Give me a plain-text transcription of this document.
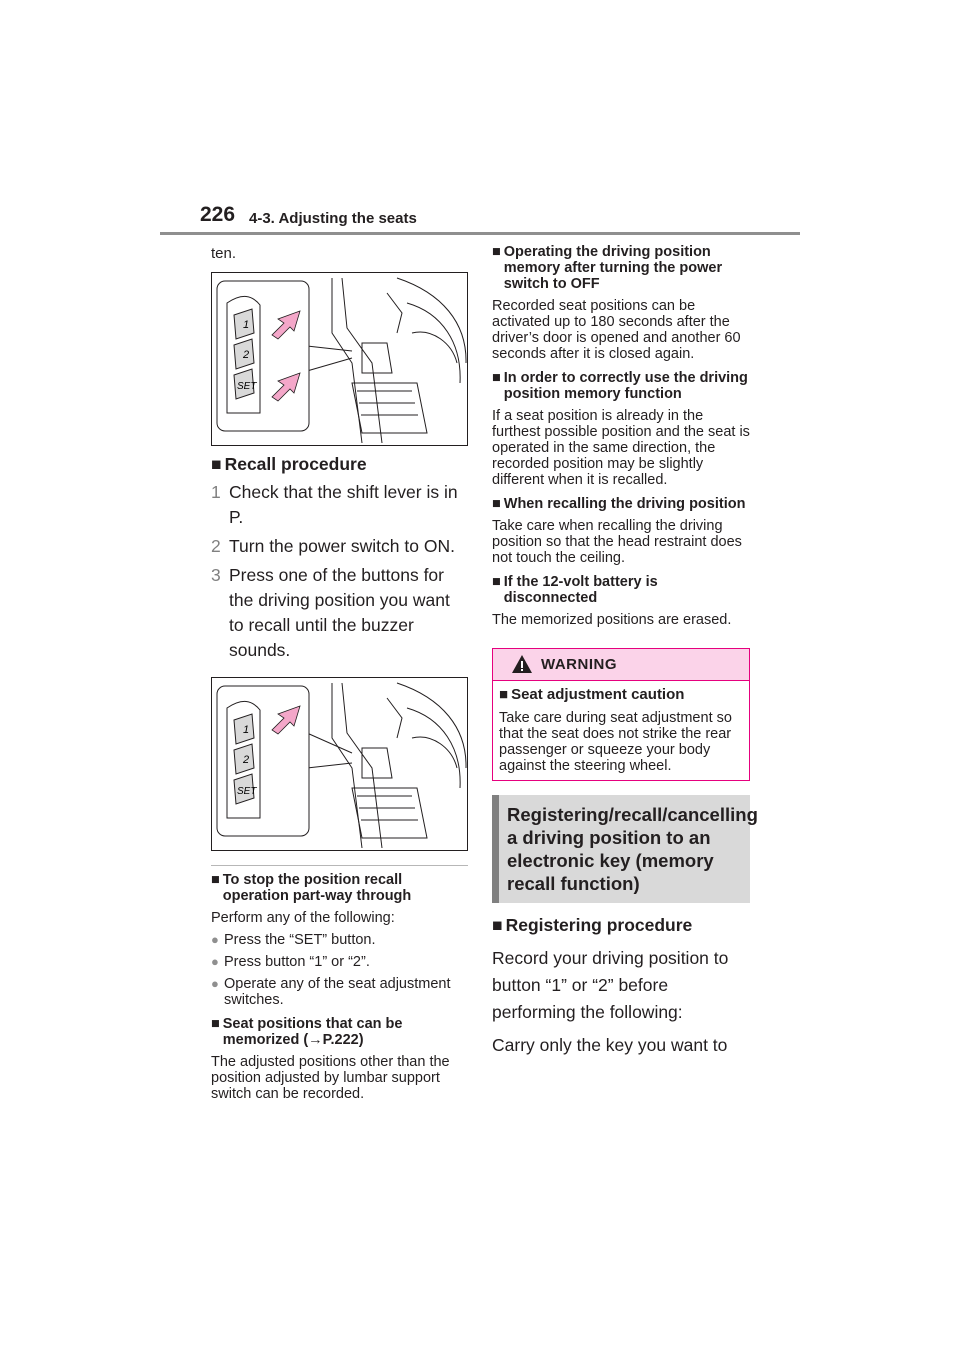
226 4-3. Adjusting the seats
ten.
1
2
SET
■ Recall procedure
1 Check that the shift lever is in P.
2 Turn the power switch to ON.
3 Press one of the buttons for the driving position you want to recall until the buzzer sounds.
1
2
SET
■ To stop the position recall operation part-way through
Perform any of the following:
● Press the “SET” button.
● Press button “1” or “2”.
● Operate any of the seat adjustment switches.
■ Seat positions that can be memorized (→P.222)
The adjusted positions other than the position adjusted by lumbar support switch can be recorded.
■ Operating the driving position memory after turning the power switch to OFF
Recorded seat positions can be activated up to 180 seconds after the driver’s door is opened and another 60 seconds after it is closed again.
■ In order to correctly use the driving position memory function
If a seat position is already in the furthest possible position and the seat is operated in the same direction, the recorded position may be slightly different when it is recalled.
■ When recalling the driving position
Take care when recalling the driving position so that the head restraint does not touch the ceiling.
■ If the 12-volt battery is disconnected
The memorized positions are erased.
WARNING
■ Seat adjustment caution
Take care during seat adjustment so that the seat does not strike the rear passenger or squeeze your body against the steering wheel.
Registering/recall/cancelling a driving position to an electronic key (memory recall function)
■ Registering procedure
Record your driving position to button “1” or “2” before performing the following:
Carry only the key you want to
